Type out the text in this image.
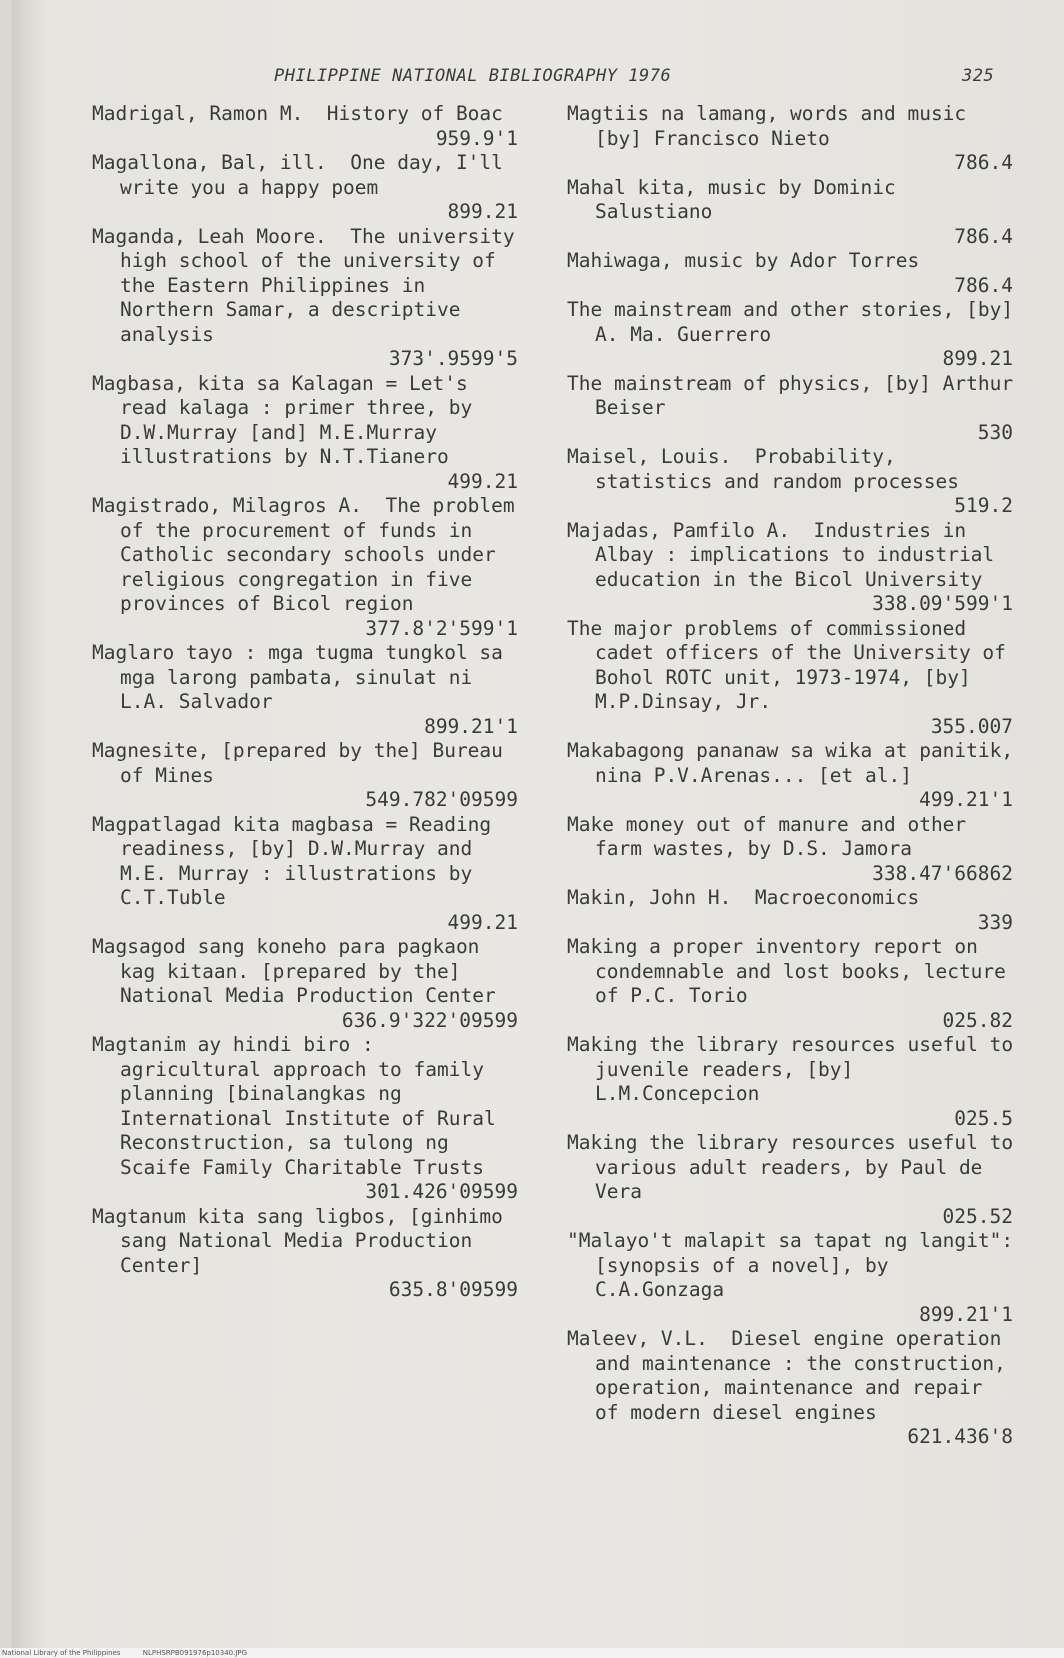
PHILIPPINE NATIONAL BIBLIOGRAPHY 1976	325
Madrigal, Ramon M.  History of Boac
959.9'1
Magallona, Bal, ill.  One day, I'll write you a happy poem
899.21
Maganda, Leah Moore.  The university high school of the university of the Eastern Philippines in Northern Samar, a descriptive analysis
373'.9599'5
Magbasa, kita sa Kalagan = Let's read kalaga : primer three, by D.W.Murray [and] M.E.Murray  illustrations by N.T.Tianero
499.21
Magistrado, Milagros A.  The problem of the procurement of funds in Catholic secondary schools under religious congregation in five provinces of Bicol region
377.8'2'599'1
Maglaro tayo : mga tugma tungkol sa mga larong pambata, sinulat ni L.A. Salvador
899.21'1
Magnesite, [prepared by the] Bureau of Mines
549.782'09599
Magpatlagad kita magbasa = Reading readiness, [by] D.W.Murray and M.E. Murray : illustrations by C.T.Tuble
499.21
Magsagod sang koneho para pagkaon kag kitaan. [prepared by the] National Media Production Center
636.9'322'09599
Magtanim ay hindi biro : agricultural approach to family planning [binalangkas ng International Institute of Rural Reconstruction, sa tulong ng Scaife Family Charitable Trusts
301.426'09599
Magtanum kita sang ligbos, [ginhimo sang National Media Production Center]
635.8'09599
Magtiis na lamang, words and music [by] Francisco Nieto
786.4
Mahal kita, music by Dominic Salustiano
786.4
Mahiwaga, music by Ador Torres
786.4
The mainstream and other stories, [by] A. Ma. Guerrero
899.21
The mainstream of physics, [by] Arthur Beiser
530
Maisel, Louis.  Probability, statistics and random processes
519.2
Majadas, Pamfilo A.  Industries in Albay : implications to industrial education in the Bicol University
338.09'599'1
The major problems of commissioned cadet officers of the University of Bohol ROTC unit, 1973-1974, [by] M.P.Dinsay, Jr.
355.007
Makabagong pananaw sa wika at panitik, nina P.V.Arenas... [et al.]
499.21'1
Make money out of manure and other farm wastes, by D.S. Jamora
338.47'66862
Makin, John H.  Macroeconomics
339
Making a proper inventory report on condemnable and lost books, lecture of P.C. Torio
025.82
Making the library resources useful to juvenile readers, [by] L.M.Concepcion
025.5
Making the library resources useful to various adult readers, by Paul de Vera
025.52
"Malayo't malapit sa tapat ng langit": [synopsis of a novel], by C.A.Gonzaga
899.21'1
Maleev, V.L.  Diesel engine operation and maintenance : the construction, operation, maintenance and repair of modern diesel engines
621.436'8
National Library of the Philippines	NLPHSRPB091976p10340.JPG
